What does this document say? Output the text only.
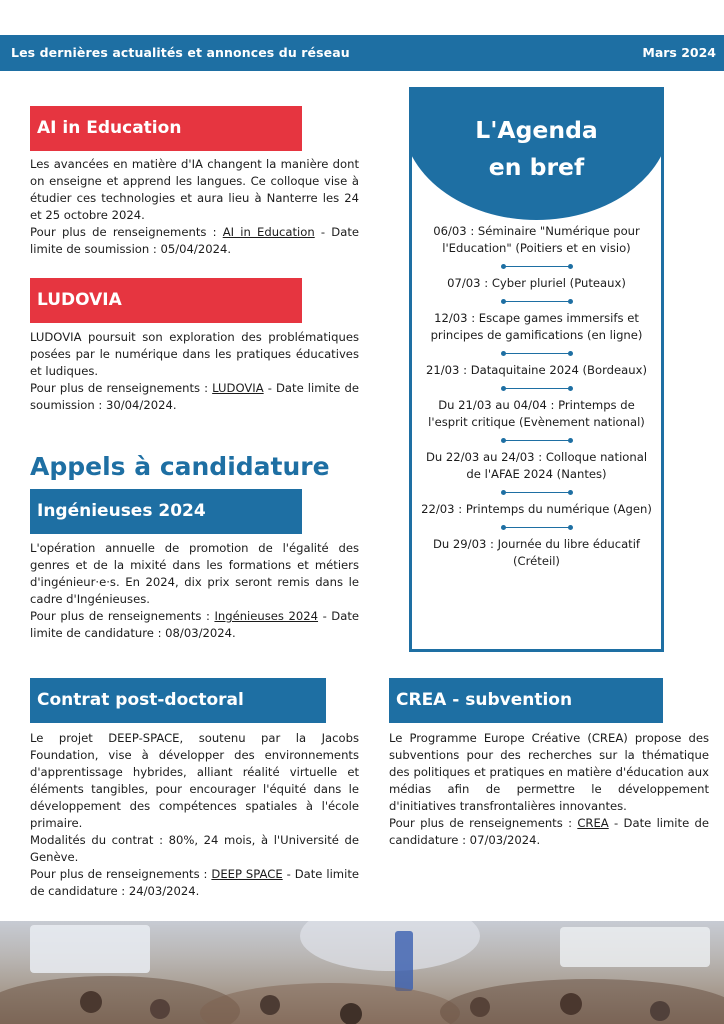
Les dernières actualités et annonces du réseau	Mars 2024
AI in Education

Les avancées en matière d'IA changent la manière dont on enseigne et apprend les langues. Ce colloque vise à étudier ces technologies et aura lieu à Nanterre les 24 et 25 octobre 2024.

Pour plus de renseignements : AI in Education - Date limite de soumission : 05/04/2024.

LUDOVIA

LUDOVIA poursuit son exploration des problématiques posées par le numérique dans les pratiques éducatives et ludiques.

Pour plus de renseignements : LUDOVIA - Date limite de soumission : 30/04/2024.

Appels à candidature
Ingénieuses 2024

L'opération annuelle de promotion de l'égalité des genres et de la mixité dans les formations et métiers d'ingénieur·e·s. En 2024, dix prix seront remis dans le cadre d'Ingénieuses.

Pour plus de renseignements : Ingénieuses 2024 - Date limite de candidature : 08/03/2024.

Contrat post-doctoral

Le projet DEEP-SPACE, soutenu par la Jacobs Foundation, vise à développer des environnements d'apprentissage hybrides, alliant réalité virtuelle et éléments tangibles, pour encourager l'équité dans le développement des compétences spatiales à l'école primaire.

Modalités du contrat : 80%, 24 mois, à l'Université de Genève.

Pour plus de renseignements : DEEP SPACE - Date limite de candidature : 24/03/2024.

CREA - subvention

Le Programme Europe Créative (CREA) propose des subventions pour des recherches sur la thématique des politiques et pratiques en matière d'éducation aux médias afin de permettre le développement d'initiatives transfrontalières innovantes.

Pour plus de renseignements : CREA - Date limite de candidature : 07/03/2024.

L'Agenda
en bref

06/03 : Séminaire "Numérique pour l'Education" (Poitiers et en visio)

07/03 : Cyber pluriel (Puteaux)

12/03 : Escape games immersifs et principes de gamifications (en ligne)

21/03 : Dataquitaine 2024 (Bordeaux)

Du 21/03 au 04/04 : Printemps de l'esprit critique (Evènement national)

Du 22/03 au 24/03 : Colloque national de l'AFAE 2024 (Nantes)

22/03 : Printemps du numérique (Agen)

Du 29/03 : Journée du libre éducatif (Créteil)
